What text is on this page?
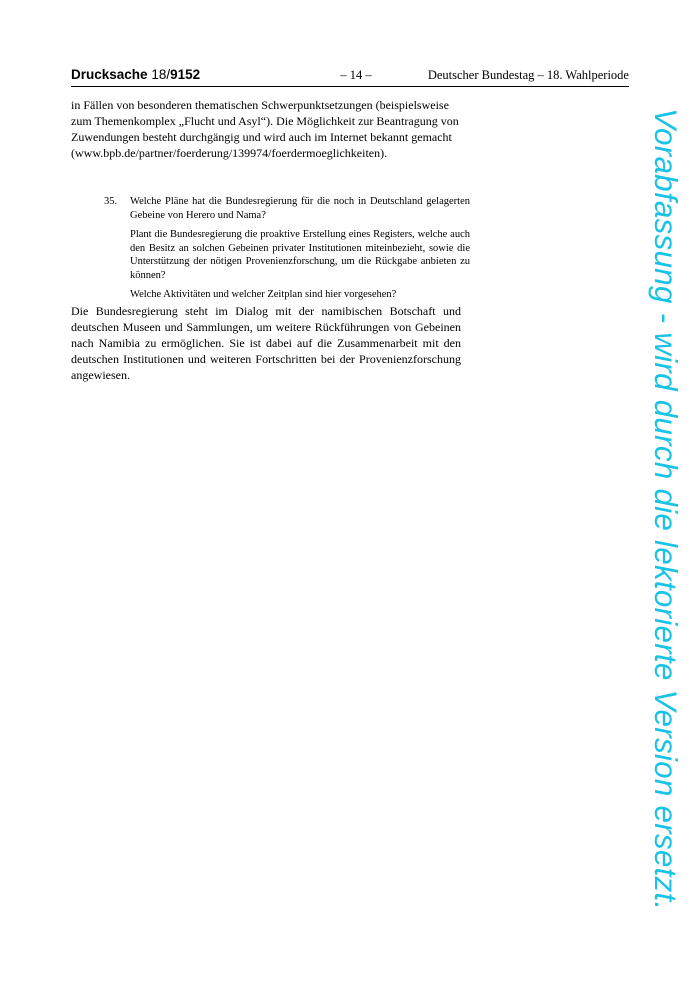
Drucksache 18/9152	– 14 –	Deutscher Bundestag – 18. Wahlperiode
in Fällen von besonderen thematischen Schwerpunktsetzungen (beispielsweise
zum Themenkomplex „Flucht und Asyl“). Die Möglichkeit zur Beantragung von
Zuwendungen besteht durchgängig und wird auch im Internet bekannt gemacht
(www.bpb.de/partner/foerderung/139974/foerdermoeglichkeiten).
35. Welche Pläne hat die Bundesregierung für die noch in Deutschland gelagerten Gebeine von Herero und Nama?

Plant die Bundesregierung die proaktive Erstellung eines Registers, welche auch den Besitz an solchen Gebeinen privater Institutionen miteinbezieht, sowie die Unterstützung der nötigen Provenienzforschung, um die Rückgabe anbieten zu können?

Welche Aktivitäten und welcher Zeitplan sind hier vorgesehen?

Die Bundesregierung steht im Dialog mit der namibischen Botschaft und deutschen Museen und Sammlungen, um weitere Rückführungen von Gebeinen nach Namibia zu ermöglichen. Sie ist dabei auf die Zusammenarbeit mit den deutschen Institutionen und weiteren Fortschritten bei der Provenienzforschung angewiesen.	Vorabfassung - wird durch die lektorierte Version ersetzt.
